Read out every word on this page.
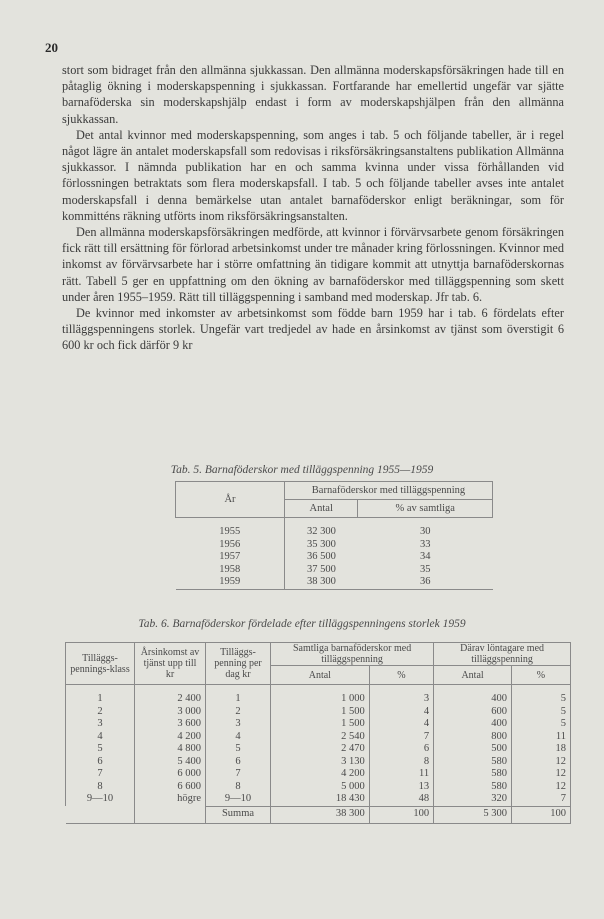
20

stort som bidraget från den allmänna sjukkassan. Den allmänna moderskapsförsäkringen hade till en påtaglig ökning i moderskapspenning i sjukkassan. Fortfarande har emellertid ungefär var sjätte barnaföderska sin moderskapshjälp endast i form av moderskapshjälpen från den allmänna sjukkassan.

Det antal kvinnor med moderskapspenning, som anges i tab. 5 och följande tabeller, är i regel något lägre än antalet moderskapsfall som redovisas i riksförsäkringsanstaltens publikation Allmänna sjukkassor. I nämnda publikation har en och samma kvinna under vissa förhållanden vid förlossningen betraktats som flera moderskapsfall. I tab. 5 och följande tabeller avses inte antalet moderskapsfall i denna bemärkelse utan antalet barnaföderskor enligt beräkningar, som för kommitténs räkning utförts inom riksförsäkringsanstalten.

Den allmänna moderskapsförsäkringen medförde, att kvinnor i förvärvsarbete genom försäkringen fick rätt till ersättning för förlorad arbetsinkomst under tre månader kring förlossningen. Kvinnor med inkomst av förvärvsarbete har i större omfattning än tidigare kommit att utnyttja barnaföderskornas rätt. Tabell 5 ger en uppfattning om den ökning av barnaföderskor med tilläggspenning som skett under åren 1955–1959. Rätt till tilläggspenning i samband med moderskap. Jfr tab. 6.

De kvinnor med inkomster av arbetsinkomst som födde barn 1959 har i tab. 6 fördelats efter tilläggspenningens storlek. Ungefär vart tredjedel av hade en årsinkomst av tjänst som överstigit 6 600 kr och fick därför 9 kr

Tab. 5. Barnaföderskor med tilläggspenning 1955—1959
År	Barnaföderskor med tilläggspenning	
	Antal	% av samtliga

1955	32 300	30
1956	35 300	33
1957	36 500	34
1958	37 500	35
1959	38 300	36
Tab. 6. Barnaföderskor fördelade efter tilläggspenningens storlek 1959
Tilläggs-pennings-klass	Årsinkomst av tjänst upp till kr	Tilläggs-penning per dag kr	Samtliga barnaföderskor med tilläggspenning		Därav löntagare med tilläggspenning	
			Antal	%	Antal	%

1	2 400	1	1 000	3	400	5
2	3 000	2	1 500	4	600	5
3	3 600	3	1 500	4	400	5
4	4 200	4	2 540	7	800	11
5	4 800	5	2 470	6	500	18
6	5 400	6	3 130	8	580	12
7	6 000	7	4 200	11	580	12
8	6 600	8	5 000	13	580	12
9—10	högre	9—10	18 430	48	320	7
		Summa	38 300	100	5 300	100
